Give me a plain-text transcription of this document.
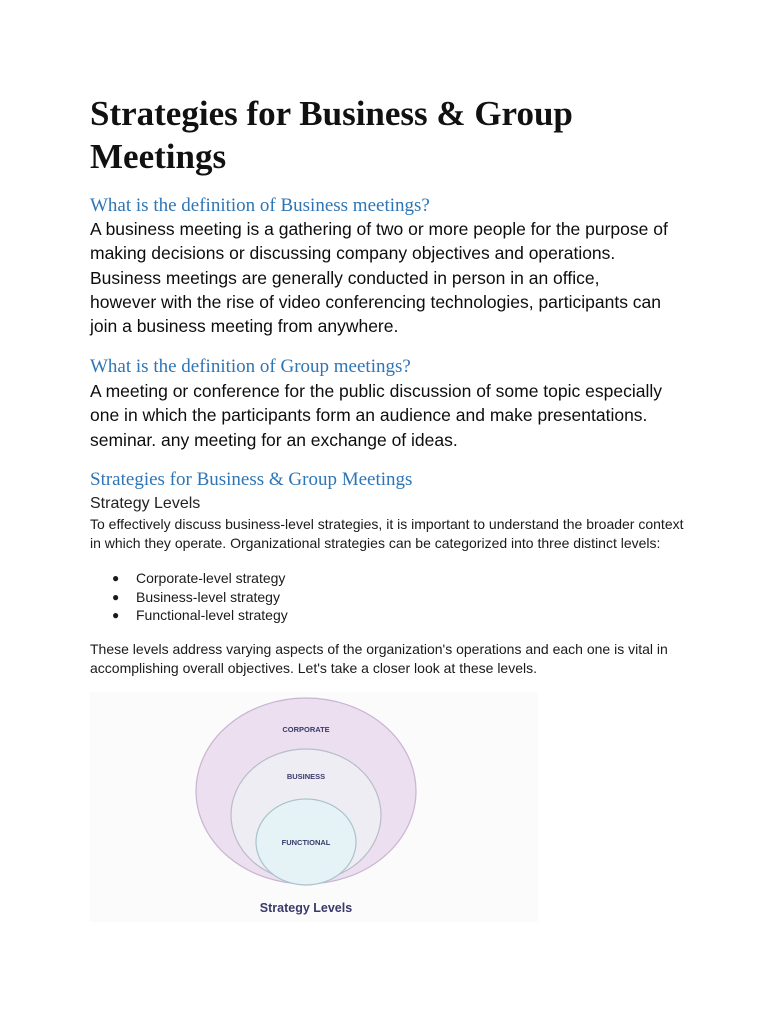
Strategies for Business & Group Meetings
What is the definition of Business meetings?

A business meeting is a gathering of two or more people for the purpose of making decisions or discussing company objectives and operations. Business meetings are generally conducted in person in an office, however with the rise of video conferencing technologies, participants can join a business meeting from anywhere.

What is the definition of Group meetings?

A meeting or conference for the public discussion of some topic especially one in which the participants form an audience and make presentations. seminar. any meeting for an exchange of ideas.

Strategies for Business & Group Meetings
Strategy Levels

To effectively discuss business-level strategies, it is important to understand the broader context in which they operate. Organizational strategies can be categorized into three distinct levels:

● Corporate-level strategy
● Business-level strategy
● Functional-level strategy

These levels address varying aspects of the organization's operations and each one is vital in accomplishing overall objectives. Let's take a closer look at these levels.

CORPORATE
BUSINESS
FUNCTIONAL
Strategy Levels
